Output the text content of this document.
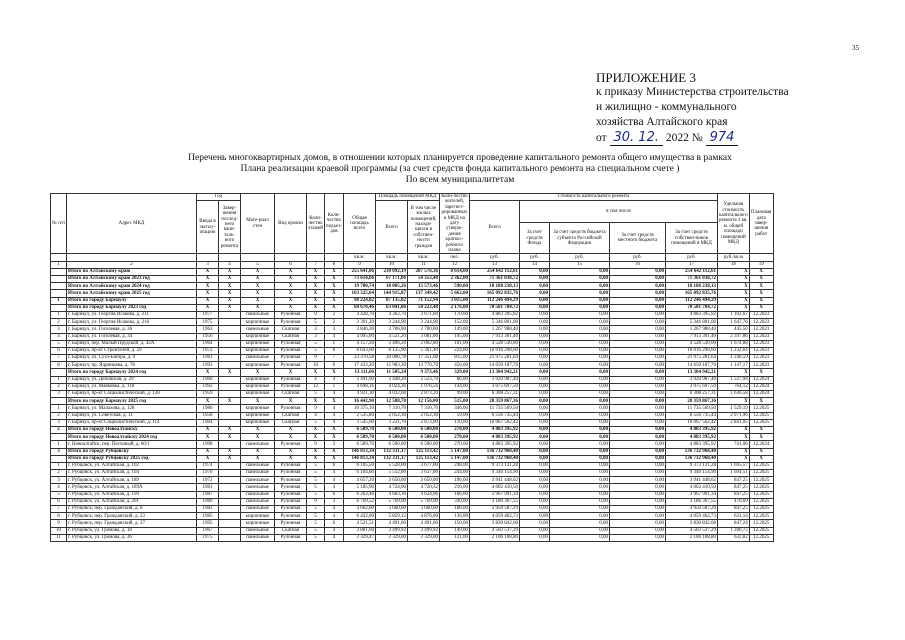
35
ПРИЛОЖЕНИЕ 3
к приказу Министерства строительства
и жилищно - коммунального
хозяйства Алтайского края
от 30. 12. 2022 № 974
Перечень многоквартирных домов, в отношении которых планируется проведение капитального ремонта общего имущества в рамках
Плана реализации краевой программы (за счет средств фонда капитального ремонта на специальном счете )
По всем муниципалитетам
№ п/п	Адрес МКД	Год		Мате-риал стен	Вид кровли	Коли-чество этажей	Коли-чество подъез-дов	Общая площадь всего	Площадь помещений МКД		Коли-чество жителей, зарегист-рированных в МКД на дату утверж-дения краткос-рочного плана	Стоимость капитального ремонта					Удельная стоимость капитального ремонта 1 кв. м. общей площади помещений МКД	Плановая дата завер-шения работ
		Ввода в эксплу-атацию	Завер-шения послед-него капи-таль-ного ремонта						Всего	В том числе жилых помещений, находя-щихся в собствен-ности граждан		Всего	в том числе					
													За счет средств Фонда	За счет средств бюджета субъекта Российской Федерации	За счет средств местного бюджета	За счет средств собствен-ников помещений в МКД		
								кв.м.	кв.м.	кв.м.	чел.	руб.	руб.	руб.	руб.	руб.	руб./кв.м	
1	2	3	4	5	6	7	8	9	10	11	12	13	14	15	16	17	18	19
	Итого по Алтайскому краю	X	X	X	X	X	X	255 641,06	230 092,19	207 576,36	8 614,00	254 642 112,61	0,00	0,00	0,00	254 642 112,61	X	X
	Итого по Алтайскому краю 2023 год	X	X	X	X	X	X	73 614,66	67 171,06	54 353,48	2 362,00	71 361 038,72	0,00	0,00	0,00	71 361 038,72	X	X
	Итого по Алтайскому краю 2024 год	X	X	X	X	X	X	19 700,74	18 005,26	15 573,46	590,00	18 188 238,13	0,00	0,00	0,00	18 188 238,13	X	X
	Итого по Алтайскому краю 2025 год	X	X	X	X	X	X	163 325,64	144 915,87	137 349,42	5 662,00	165 092 835,76	0,00	0,00	0,00	165 092 835,76	X	X
1	Итого по городу Барнаулу	X	X	X	X	X	X	98 224,02	87 135,02	71 152,94	3 015,00	112 246 494,29	0,00	0,00	0,00	112 246 494,29	X	X
	Итого по городу Барнаулу 2023 год	X	X	X	X	X	X	68 670,46	63 041,06	50 223,48	2 176,00	70 581 784,72	0,00	0,00	0,00	70 581 784,72	X	X
1	г. Барнаул, ул. Георгия Исакова, д. 211	1977		панельные	Рулонная	9	2	4 428,70	4 362,70	3 671,60	170,00	4 883 395,92	0,00	0,00	0,00	4 883 395,92	1 102,67	12.2023
2	г. Барнаул, ул. Георгия Исакова, д. 216	1975		кирпичные	Рулонная	5	2	3 391,20	3 244,90	3 244,90	152,00	5 346 801,00	0,00	0,00	0,00	5 346 801,00	1 647,76	12.2023
3	г. Барнаул, ул. Гоголевая, д. 36	1963		панельные	Скатная	3	3	2 846,30	2 706,00	2 700,00	149,00	1 267 988,40	0,00	0,00	0,00	1 267 988,40	445,50	12.2023
4	г. Барнаул, ул. Гоголевая, д. 34	1956		кирпичные	Скатная	3	4	4 995,00	4 521,20	3 081,00	105,00	7 913 301,40	0,00	0,00	0,00	7 913 301,40	2 397,86	12.2023
5	г. Барнаул, пер. Малый Прудской, д. 42А	1964		кирпичные	Рулонная	5	1	4 157,20	3 496,20	2 062,80	101,00	4 528 530,00	0,00	0,00	0,00	4 528 530,00	1 674,88	12.2023
6	г. Барнаул, пр-кт Строителей, д. 29	1972		кирпичные	Рулонная	5	8	8 643,60	8 125,90	5 361,40	224,00	10 016 298,60	0,00	0,00	0,00	10 016 298,60	1 232,64	12.2023
7	г. Барнаул, ул. Сухэ-Батора, д. 9	1981		панельные	Рулонная	9	7	23 370,58	20 006,78	17 351,08	815,00	21 975 281,64	0,00	0,00	0,00	21 975 281,64	1 246,59	12.2023
8	г. Барнаул, пр. Ядринцева, д. 78	1993		кирпичные	Рулонная	10	6	17 433,20	15 983,30	13 770,70	456,00	14 650 187,76	0,00	0,00	0,00	14 650 187,76	1 147,17	12.2023
	Итого по городу Барнаулу 2024 год	X	X	X	X	X	X	13 111,66	11 505,24	9 373,46	329,00	13 304 942,21	0,00	0,00	0,00	13 304 942,21	X	X
1	г. Барнаул, ул. Деповская, д. 29	1960		кирпичные	Рулонная	4	4	3 491,60	3 448,20	2 523,70	86,00	3 920 987,40	0,00	0,00	0,00	3 920 987,40	1 527,94	12.2024
2	г. Барнаул, ул. Маяковка, д. 118	1992		кирпичные	Рулонная	12	1	4 698,16	4 024,36	1 976,56	144,00	3 075 697,50	0,00	0,00	0,00	3 075 697,50	764,12	12.2024
3	г. Барнаул, пр-кт Социалистический, д. 128	1959		кирпичные	Скатная	5	4	4 921,30	4 032,68	2 873,20	99,00	6 308 257,31	0,00	0,00	0,00	6 308 257,31	1 636,58	12.2024
	Итого по городу Барнаулу 2025 год	X	X	X	X	X	X	16 442,90	12 588,70	12 156,00	515,00	28 359 867,36	0,00	0,00	0,00	28 359 867,36	X	X
1	г. Барнаул, ул. Малахова, д. 128	1986		кирпичные	Рулонная	9	4	10 375,10	7 310,70	7 310,70	346,00	11 735 569,50	0,00	0,00	0,00	11 735 569,50	1 529,19	12.2025
2	г. Барнаул, ул. Советская, д. 11	1958		кирпичные	Скатная	4	4	2 535,80	2 052,30	2 052,30	59,00	6 556 735,44	0,00	0,00	0,00	6 556 735,44	2 971,96	12.2025
3	г. Барнаул, пр-кт Социалистический, д. 114	1964		кирпичные	Скатная	5	4	3 545,60	3 221,70	2 873,00	110,00	10 067 562,42	0,00	0,00	0,00	10 067 562,42	2 841,05	12.2025
2	Итого по городу Новоалтайску	X	X	X	X	X	X	6 589,70	6 500,00	6 500,00	270,00	4 883 395,92	0,00	0,00	0,00	4 883 395,92	X	X
	Итого по городу Новоалтайску 2024 год	X	X	X	X	X	X	6 589,70	6 500,00	6 500,00	270,00	4 883 395,92	0,00	0,00	0,00	4 883 395,92	X	X
1	г. Новоалтайск, пер. Песчаный, д. 60/1	1998		панельные	Рулонная	9	3	6 589,70	6 500,00	6 500,00	270,00	4 883 395,92	0,00	0,00	0,00	4 883 395,92	741,06	12.2024
3	Итого по городу Рубцовску	X	X	X	X	X	X	146 813,34	132 331,17	125 113,42	5 147,00	136 732 968,40	0,00	0,00	0,00	136 732 968,40	X	X
	Итого по городу Рубцовску 2025 год	X	X	X	X	X	X	146 813,34	132 331,17	125 113,42	5 147,00	136 732 968,40	0,00	0,00	0,00	136 732 968,40	X	X
1	г. Рубцовск, ул. Алтайская, д. 102	1974		панельные	Рулонная	5	6	6 105,50	5 528,00	3 677,00	248,00	9 373 131,28	0,00	0,00	0,00	9 373 131,28	1 695,57	12.2025
2	г. Рубцовск, ул. Алтайская, д. 104	1970		панельные	Рулонная	5	4	6 104,60	5 512,00	3 637,00	244,00	9 340 154,90	0,00	0,00	0,00	9 340 154,90	1 694,51	12.2025
3	г. Рубцовск, ул. Алтайская, д. 189	1972		панельные	Рулонная	5	4	4 657,20	3 650,00	3 650,00	196,00	3 941 448,62	0,00	0,00	0,00	3 941 448,62	847,25	12.2025
4	г. Рубцовск, ул. Алтайская, д. 189А	1981		панельные	Рулонная	5	4	5 185,90	4 724,00	4 720,32	216,00	4 002 410,50	0,00	0,00	0,00	4 002 410,50	847,25	12.2025
5	г. Рубцовск, ул. Алтайская, д. 199	1987		панельные	Рулонная	5	6	6 263,46	4 683,36	4 624,06	186,00	3 967 991,34	0,00	0,00	0,00	3 967 991,34	847,25	12.2025
6	г. Рубцовск, ул. Алтайская, д. 201	1989		панельные	Рулонная	9	3	6 769,52	5 769,00	5 769,00	330,00	3 186 367,55	0,00	0,00	0,00	3 186 367,55	470,69	12.2025
7	г. Рубцовск, пер. Гражданский, д. 8	1982		панельные	Рулонная	5	4	4 662,00	3 660,00	3 660,00	188,00	3 950 587,29	0,00	0,00	0,00	3 950 587,29	847,25	12.2025
8	г. Рубцовск, пер. Гражданский, д. 23	1985		кирпичные	Рулонная	5	4	6 432,00	5 829,12	4 876,00	136,00	4 059 462,73	0,00	0,00	0,00	4 059 462,73	631,14	12.2025
9	г. Рубцовск, пер. Гражданский, д. 27	1995		кирпичные	Рулонная	5	6	4 521,51	4 491,60	4 491,60	150,00	3 830 842,68	0,00	0,00	0,00	3 830 842,68	847,24	12.2025
10	г. Рубцовск, ул. Громова, д. 18	1967		панельные	Скатная	5	4	3 881,60	3 499,92	3 499,92	149,00	4 503 537,29	0,00	0,00	0,00	4 503 537,29	1 286,75	12.2025
11	г. Рубцовск, ул. Громова, д. 36	1975		панельные	Рулонная	5	4	3 329,47	3 329,00	3 329,00	121,00	2 106 108,80	0,00	0,00	0,00	2 106 108,80	632,82	12.2025
